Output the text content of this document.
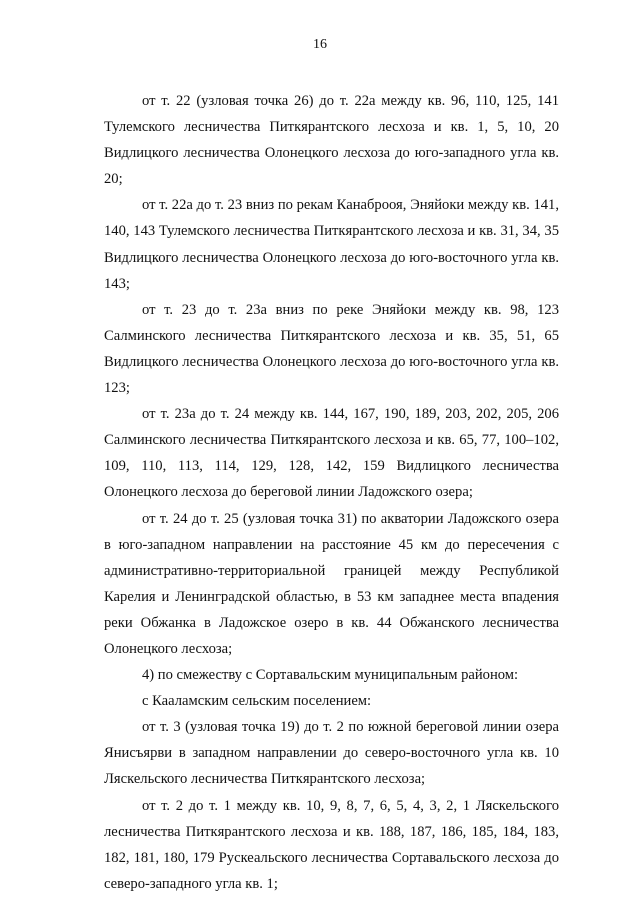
16

от т. 22 (узловая точка 26) до т. 22а между кв. 96, 110, 125, 141 Тулемского лесничества Питкярантского лесхоза и кв. 1, 5, 10, 20 Видлицкого лесничества Олонецкого лесхоза до юго-западного угла кв. 20;

от т. 22а до т. 23 вниз по рекам Канаброоя, Эняйоки между кв. 141, 140, 143 Тулемского лесничества Питкярантского лесхоза и кв. 31, 34, 35 Видлицкого лесничества Олонецкого лесхоза до юго-восточного угла кв. 143;

от т. 23 до т. 23а вниз по реке Эняйоки между кв. 98, 123 Салминского лесничества Питкярантского лесхоза и кв. 35, 51, 65 Видлицкого лесничества Олонецкого лесхоза до юго-восточного угла кв. 123;

от т. 23а до т. 24 между кв. 144, 167, 190, 189, 203, 202, 205, 206 Салминского лесничества Питкярантского лесхоза и кв. 65, 77, 100–102, 109, 110, 113, 114, 129, 128, 142, 159 Видлицкого лесничества Олонецкого лесхоза до береговой линии Ладожского озера;

от т. 24 до т. 25 (узловая точка 31) по акватории Ладожского озера в юго-западном направлении на расстояние 45 км до пересечения с административно-территориальной границей между Республикой Карелия и Ленинградской областью, в 53 км западнее места впадения реки Обжанка в Ладожское озеро в кв. 44 Обжанского лесничества Олонецкого лесхоза;

4) по смежеству с Сортавальским муниципальным районом:

с Кааламским сельским поселением:

от т. 3 (узловая точка 19) до т. 2 по южной береговой линии озера Янисъярви в западном направлении до северо-восточного угла кв. 10 Ляскельского лесничества Питкярантского лесхоза;

от т. 2 до т. 1 между кв. 10, 9, 8, 7, 6, 5, 4, 3, 2, 1 Ляскельского лесничества Питкярантского лесхоза и кв. 188, 187, 186, 185, 184, 183, 182, 181, 180, 179 Рускеальского лесничества Сортавальского лесхоза до северо-западного угла кв. 1;
